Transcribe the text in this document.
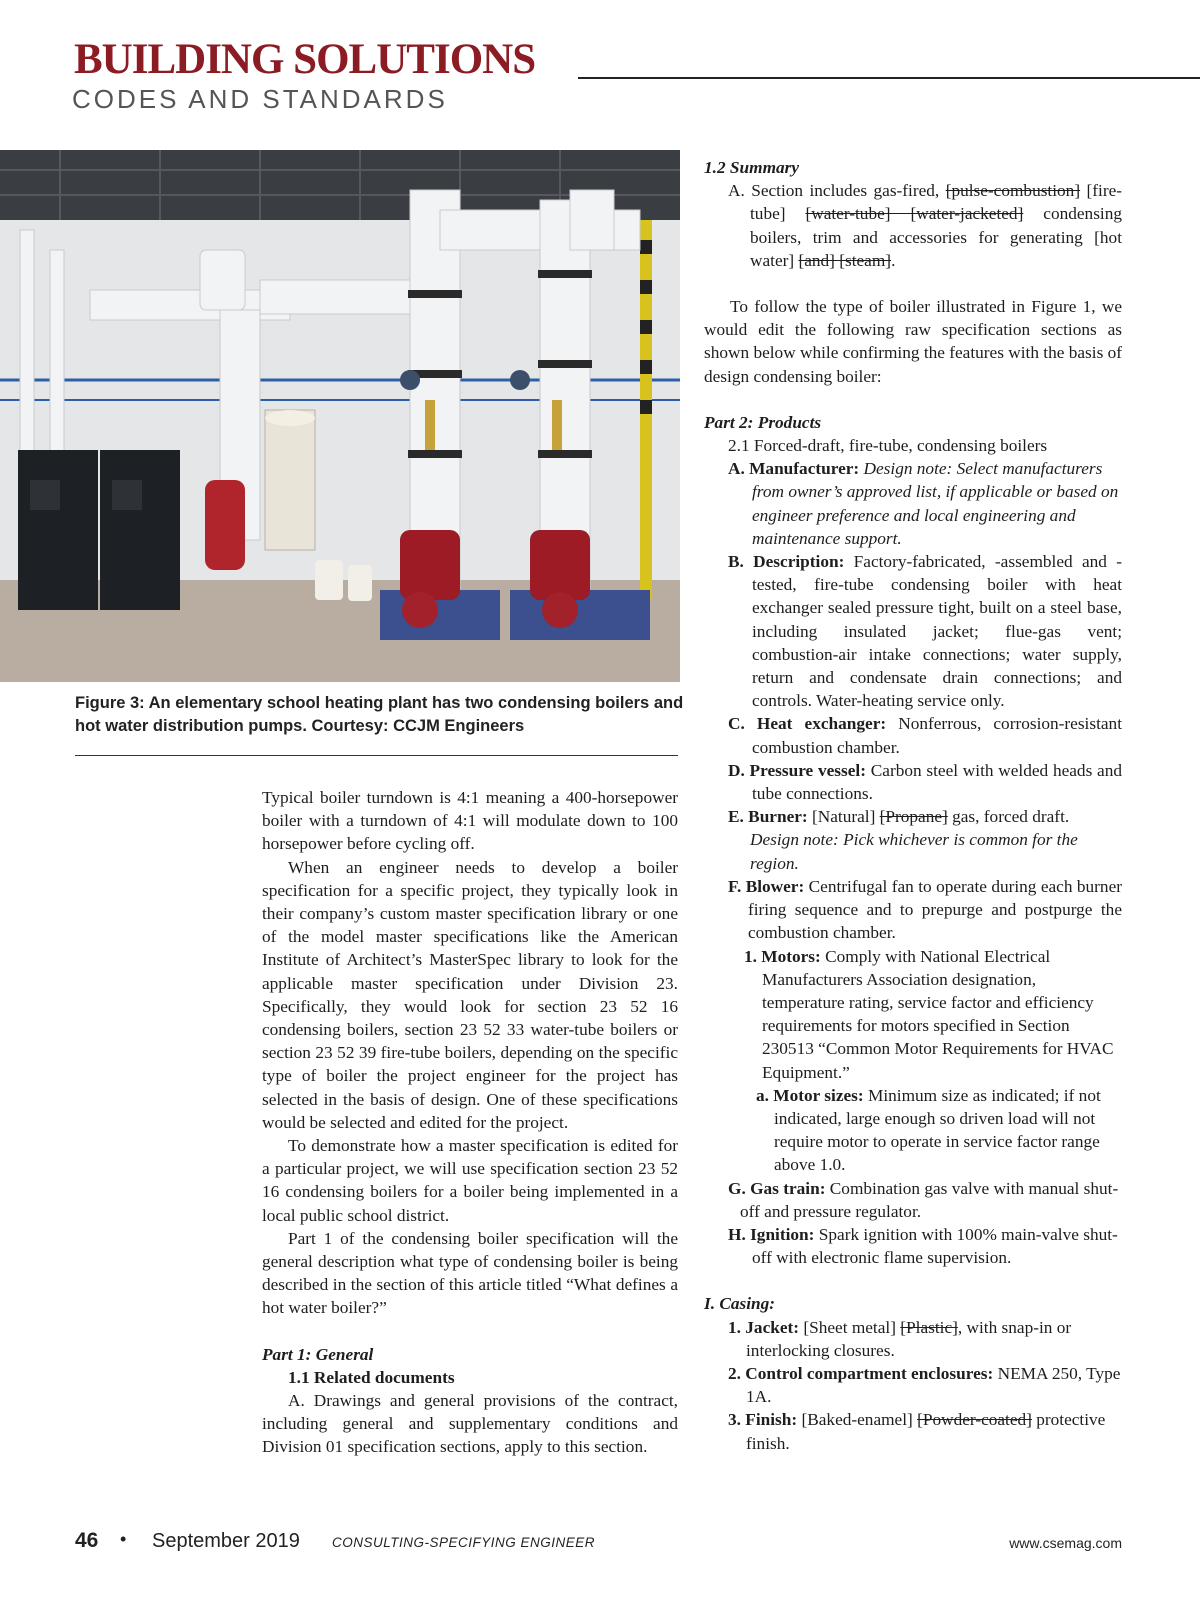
BUILDING SOLUTIONS
CODES AND STANDARDS
Figure 3: An elementary school heating plant has two condensing boilers and hot water distribution pumps. Courtesy: CCJM Engineers

Typical boiler turndown is 4:1 meaning a 400-horsepower boiler with a turndown of 4:1 will modulate down to 100 horsepower before cycling off.

When an engineer needs to develop a boiler specification for a specific project, they typically look in their company’s custom master specification library or one of the model master specifications like the American Institute of Architect’s MasterSpec library to look for the applicable master specification under Division 23. Specifically, they would look for section 23 52 16 condensing boilers, section 23 52 33 water-tube boilers or section 23 52 39 fire-tube boilers, depending on the specific type of boiler the project engineer for the project has selected in the basis of design. One of these specifications would be selected and edited for the project.

To demonstrate how a master specification is edited for a particular project, we will use specification section 23 52 16 condensing boilers for a boiler being implemented in a local public school district.

Part 1 of the condensing boiler specification will the general description what type of condensing boiler is being described in the section of this article titled “What defines a hot water boiler?”

Part 1: General

1.1 Related documents

A. Drawings and general provisions of the contract, including general and supplementary conditions and Division 01 specification sections, apply to this section.

1.2 Summary

A. Section includes gas-fired, [pulse-combustion] [fire-tube] [water-tube] [water-jacketed] condensing boilers, trim and accessories for generating [hot water] [and] [steam].

To follow the type of boiler illustrated in Figure 1, we would edit the following raw specification sections as shown below while confirming the features with the basis of design condensing boiler:

Part 2: Products

2.1 Forced-draft, fire-tube, condensing boilers

A. Manufacturer: Design note: Select manufacturers from owner’s approved list, if applicable or based on engineer preference and local engineering and maintenance support.

B. Description: Factory-fabricated, -assembled and -tested, fire-tube condensing boiler with heat exchanger sealed pressure tight, built on a steel base, including insulated jacket; flue-gas vent; combustion-air intake connections; water supply, return and condensate drain connections; and controls. Water-heating service only.

C. Heat exchanger: Nonferrous, corrosion-resistant combustion chamber.

D. Pressure vessel: Carbon steel with welded heads and tube connections.

E. Burner: [Natural] [Propane] gas, forced draft. Design note: Pick whichever is common for the region.

F. Blower: Centrifugal fan to operate during each burner firing sequence and to prepurge and postpurge the combustion chamber.

1. Motors: Comply with National Electrical Manufacturers Association designation, temperature rating, service factor and efficiency requirements for motors specified in Section 230513 “Common Motor Requirements for HVAC Equipment.”

a. Motor sizes: Minimum size as indicated; if not indicated, large enough so driven load will not require motor to operate in service factor range above 1.0.

G. Gas train: Combination gas valve with manual shut-off and pressure regulator.

H. Ignition: Spark ignition with 100% main-valve shut-off with electronic flame supervision.

I. Casing:

1. Jacket: [Sheet metal] [Plastic], with snap-in or interlocking closures.

2. Control compartment enclosures: NEMA 250, Type 1A.

3. Finish: [Baked-enamel] [Powder-coated] protective finish.

46 • September 2019 CONSULTING-SPECIFYING ENGINEER	www.csemag.com
